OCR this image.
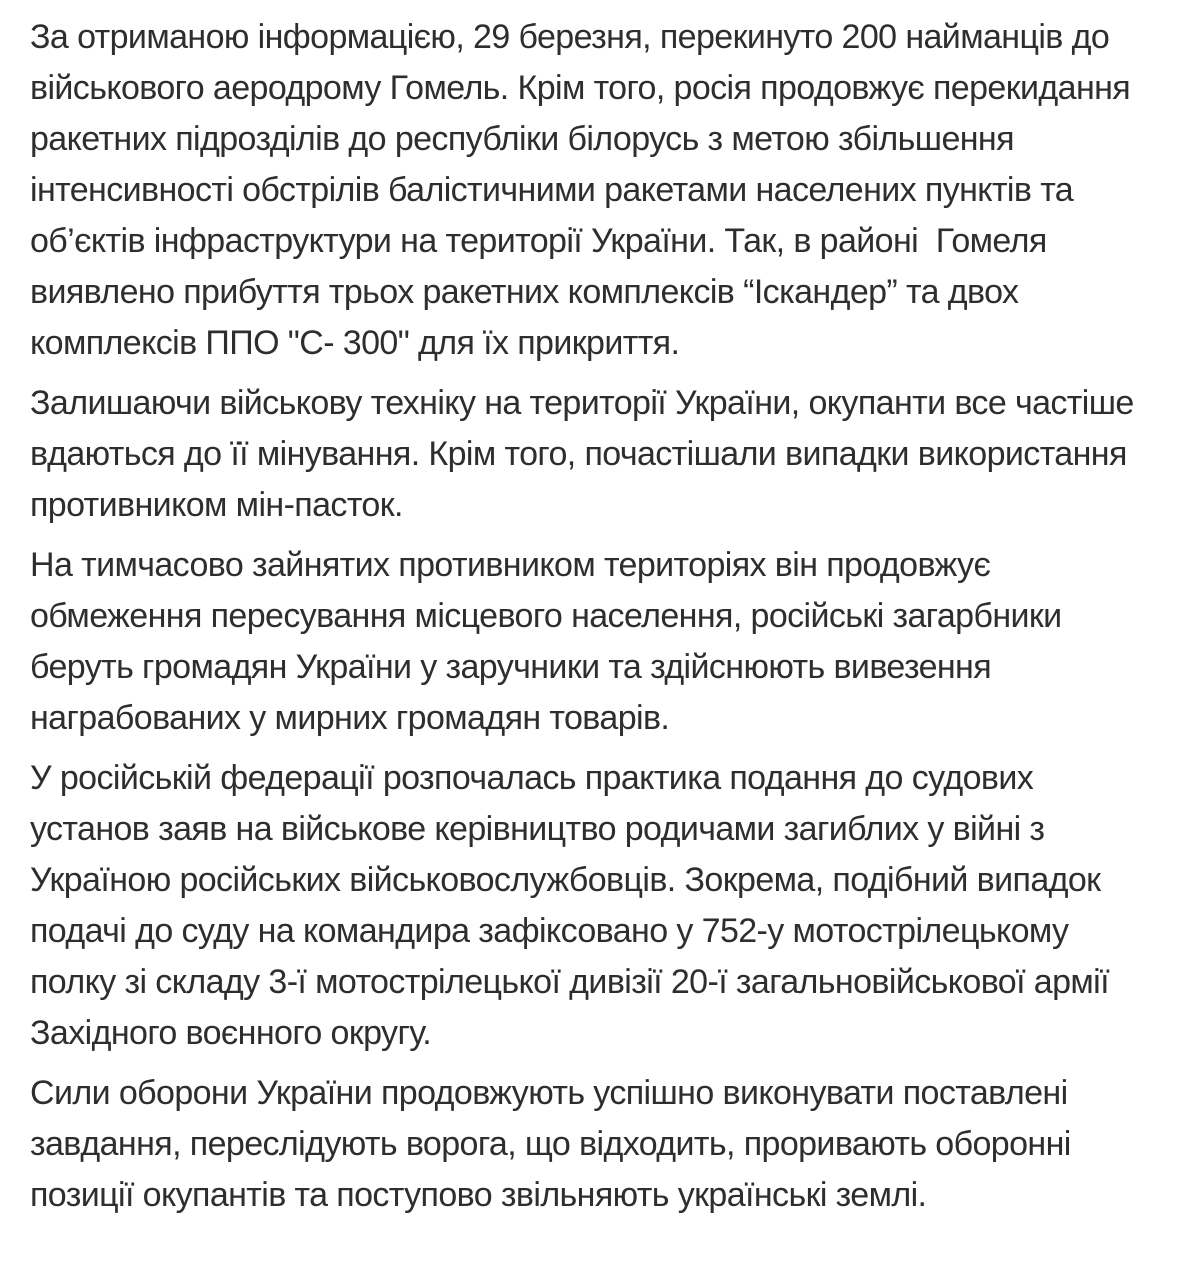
За отриманою інформацією, 29 березня, перекинуто 200 найманців до військового аеродрому Гомель. Крім того, росія продовжує перекидання ракетних підрозділів до республіки білорусь з метою збільшення інтенсивності обстрілів балістичними ракетами населених пунктів та об’єктів інфраструктури на території України. Так, в районі  Гомеля виявлено прибуття трьох ракетних комплексів “Іскандер” та двох комплексів ППО "С- 300" для їх прикриття.

Залишаючи військову техніку на території України, окупанти все частіше вдаються до її мінування. Крім того, почастішали випадки використання противником мін-пасток.

На тимчасово зайнятих противником територіях він продовжує обмеження пересування місцевого населення, російські загарбники беруть громадян України у заручники та здійснюють вивезення награбованих у мирних громадян товарів.

У російській федерації розпочалась практика подання до судових установ заяв на військове керівництво родичами загиблих у війні з Україною російських військовослужбовців. Зокрема, подібний випадок подачі до суду на командира зафіксовано у 752-у мотострілецькому полку зі складу 3-ї мотострілецької дивізії 20-ї загальновійськової армії Західного воєнного округу.

Сили оборони України продовжують успішно виконувати поставлені завдання, переслідують ворога, що відходить, проривають оборонні позиції окупантів та поступово звільняють українські землі.
